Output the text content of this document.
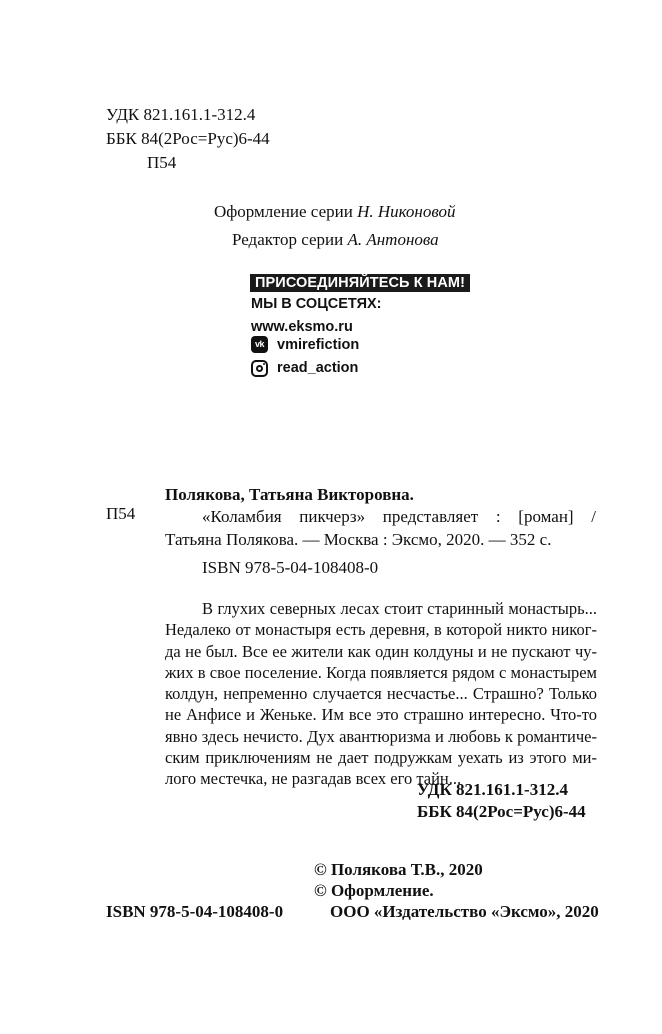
УДК 821.161.1-312.4
ББК 84(2Рос=Рус)6-44
П54
Оформление серии Н. Никоновой
Редактор серии А. Антонова
ПРИСОЕДИНЯЙТЕСЬ К НАМ!
МЫ В СОЦСЕТЯХ:
www.eksmo.ru
vk vmirefiction
read_action
Полякова, Татьяна Викторовна.
П54	«Коламбия пикчерз» представляет : [роман] /
Татьяна Полякова. — Москва : Эксмо, 2020. — 352 с.
ISBN 978-5-04-108408-0
В глухих северных лесах стоит старинный монастырь...
Недалеко от монастыря есть деревня, в которой никто никог-
да не был. Все ее жители как один колдуны и не пускают чу-
жих в свое поселение. Когда появляется рядом с монастырем
колдун, непременно случается несчастье... Страшно? Только
не Анфисе и Женьке. Им все это страшно интересно. Что-то
явно здесь нечисто. Дух авантюризма и любовь к романтиче-
ским приключениям не дает подружкам уехать из этого ми-
лого местечка, не разгадав всех его тайн...
УДК 821.161.1-312.4
ББК 84(2Рос=Рус)6-44
© Полякова Т.В., 2020
© Оформление.
ISBN 978-5-04-108408-0	ООО «Издательство «Эксмо», 2020
